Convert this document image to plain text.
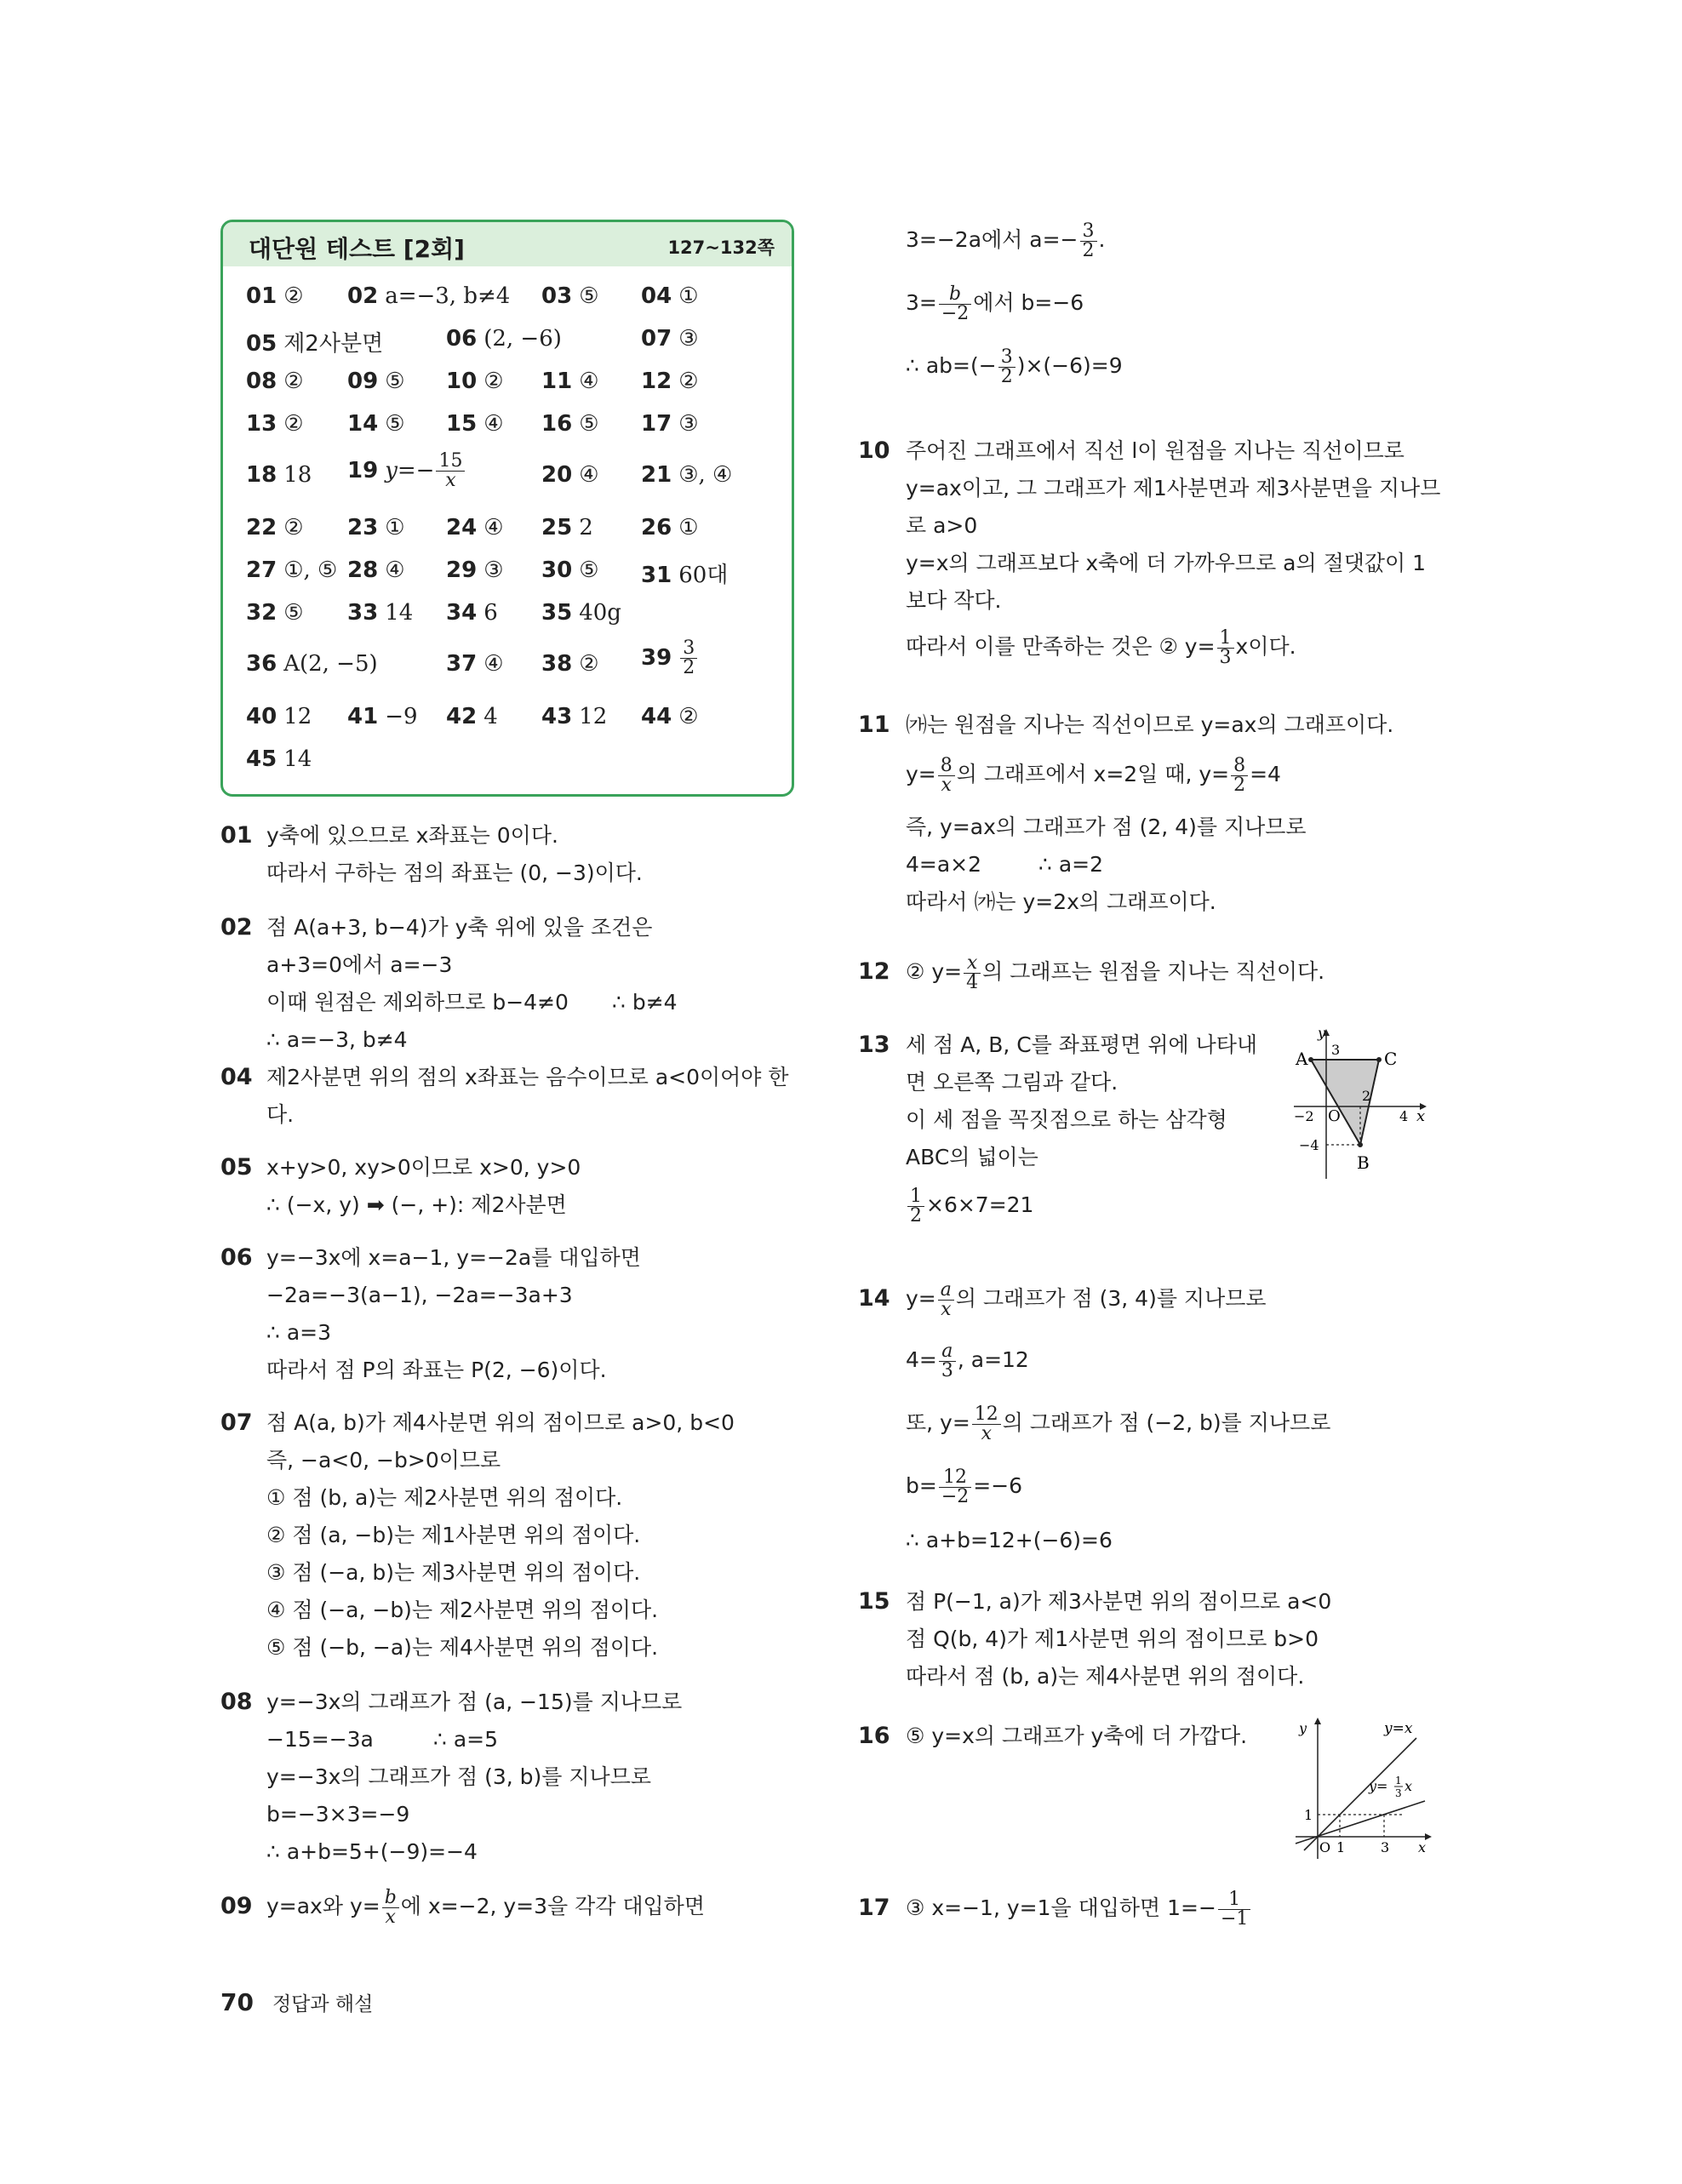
대단원 테스트 [2회]	127~132쪽
01 ② 02 a=−3, b≠4 03 ⑤ 04 ①
05 제2사분면	06 (2, −6)	07 ③
08 ② 09 ⑤ 10 ② 11 ④ 12 ②
13 ② 14 ⑤ 15 ④ 16 ⑤ 17 ③
18 18 19 $y=- \frac{15}{x}$	20 ④ 21 ③, ④
22 ② 23 ① 24 ④ 25 2 26 ①
27 ①, ⑤ 28 ④ 29 ③ 30 ⑤ 31 60대
32 ⑤ 33 14 34 6 35 40g
36 A(2, −5)	37 ④ 38 ② $39 \frac{3}{2}$
40 12 41 −9 42 4 43 12 44 ②
45 14
01 y축에 있으므로 x좌표는 0이다.
따라서 구하는 점의 좌표는 (0, −3)이다.
02 점 A(a+3, b−4)가 y축 위에 있을 조건은
a+3=0에서 a=−3
이때 원점은 제외하므로 b−4≠0 ∴ b≠4
∴ a=−3, b≠4
04 제2사분면 위의 점의 x좌표는 음수이므로 a<0이어야 한
다.
05 x+y>0, xy>0이므로 x>0, y>0
∴ (−x, y) ➡ (−, +): 제2사분면
06 y=−3x에 x=a−1, y=−2a를 대입하면
−2a=−3(a−1), −2a=−3a+3
∴ a=3
따라서 점 P의 좌표는 P(2, −6)이다.
07 점 A(a, b)가 제4사분면 위의 점이므로 a>0, b<0
즉, −a<0, −b>0이므로
① 점 (b, a)는 제2사분면 위의 점이다.
② 점 (a, −b)는 제1사분면 위의 점이다.
③ 점 (−a, b)는 제3사분면 위의 점이다.
④ 점 (−a, −b)는 제2사분면 위의 점이다.
⑤ 점 (−b, −a)는 제4사분면 위의 점이다.
08 y=−3x의 그래프가 점 (a, −15)를 지나므로
−15=−3a	∴ a=5
y=−3x의 그래프가 점 (3, b)를 지나므로
b=−3×3=−9
∴ a+b=5+(−9)=−4
09 y=ax와 $y= \frac{b}{x}$ 에 x=−2, y=3을 각각 대입하면
3=−2a에서 $a=- \frac{3}{2}$ .
$3= \frac{b}{-2}$ 에서 b=−6
∴ $ab=(- \frac{3}{2} )\times(-6)=9$
10 주어진 그래프에서 직선 l이 원점을 지나는 직선이므로
y=ax이고, 그 그래프가 제1사분면과 제3사분면을 지나므
로 a>0
y=x의 그래프보다 x축에 더 가까우므로 a의 절댓값이 1
보다 작다.
따라서 이를 만족하는 것은 ② $y= \frac{1}{3}$ x이다.
11 ㈎는 원점을 지나는 직선이므로 y=ax의 그래프이다.
$y= \frac{8}{x}$ 의 그래프에서 x=2일 때, $y= \frac{8}{2} =4$
즉, y=ax의 그래프가 점 (2, 4)를 지나므로
4=a×2	∴ a=2
따라서 ㈎는 y=2x의 그래프이다.
12 ② $y= \frac{x}{4}$ 의 그래프는 원점을 지나는 직선이다.
13 세 점 A, B, C를 좌표평면 위에 나타내
면 오른쪽 그림과 같다.
이 세 점을 꼭짓점으로 하는 삼각형
ABC의 넓이는
$\frac{1}{2} \times 6\times 7=21$
A	C
B
O
y
x
3
2
−2	4
−4
14 $y= \frac{a}{x}$ 의 그래프가 점 (3, 4)를 지나므로
$4= \frac{a}{3}$ , a=12
또, $y= \frac{12}{x}$ 의 그래프가 점 (−2, b)를 지나므로
$b= \frac{12}{-2} =-6$
∴ a+b=12+(−6)=6
15 점 P(−1, a)가 제3사분면 위의 점이므로 a<0
점 Q(b, 4)가 제1사분면 위의 점이므로 b>0
따라서 점 (b, a)는 제4사분면 위의 점이다.
16 ⑤ y=x의 그래프가 y축에 더 가깝다.	y	y=x
y= 1
3 x
1
O 1	3 x
17 ③ x=−1, y=1을 대입하면 $1=- \frac{1}{-1}$
70 정답과 해설
